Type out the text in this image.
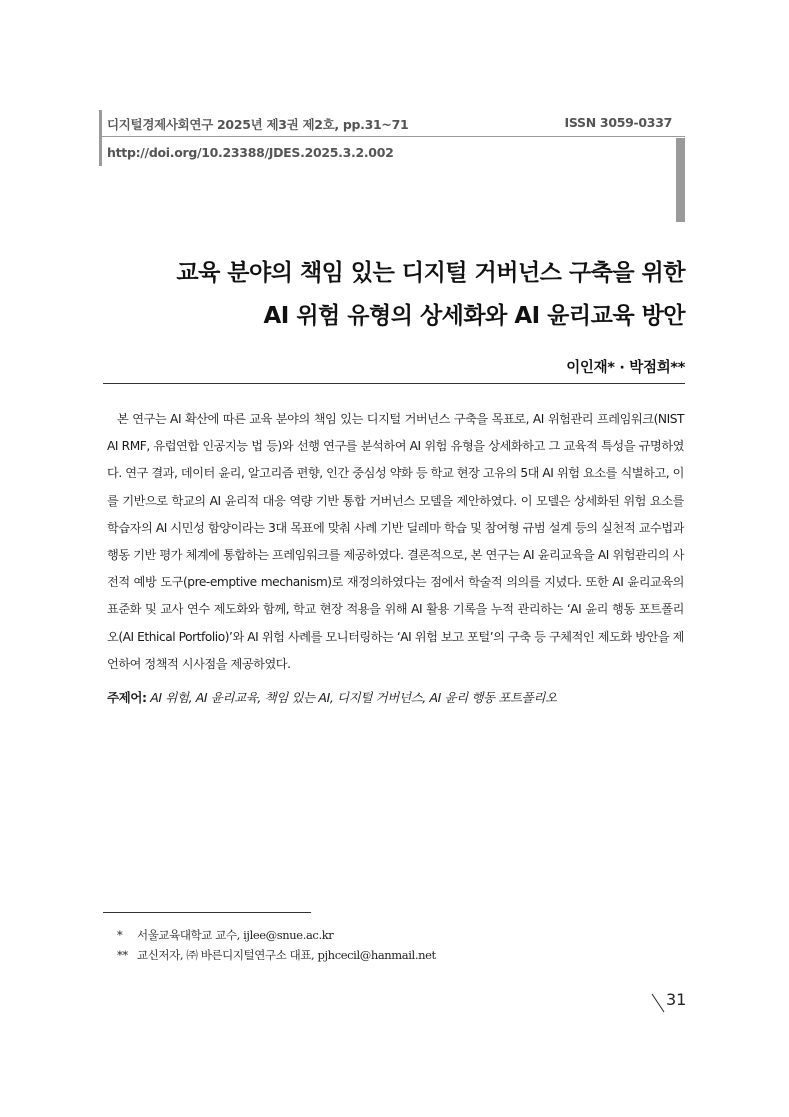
디지털경제사회연구 2025년 제3권 제2호, pp.31~71	ISSN 3059-0337
http://doi.org/10.23388/JDES.2025.3.2.002
교육 분야의 책임 있는 디지털 거버넌스 구축을 위한
AI 위험 유형의 상세화와 AI 윤리교육 방안
이인재* · 박점희**
본 연구는 AI 확산에 따른 교육 분야의 책임 있는 디지털 거버넌스 구축을 목표로, AI 위험관리 프레임워크(NIST AI RMF, 유럽연합 인공지능 법 등)와 선행 연구를 분석하여 AI 위험 유형을 상세화하고 그 교육적 특성을 규명하였다. 연구 결과, 데이터 윤리, 알고리즘 편향, 인간 중심성 약화 등 학교 현장 고유의 5대 AI 위험 요소를 식별하고, 이를 기반으로 학교의 AI 윤리적 대응 역량 기반 통합 거버넌스 모델을 제안하였다. 이 모델은 상세화된 위험 요소를 학습자의 AI 시민성 함양이라는 3대 목표에 맞춰 사례 기반 딜레마 학습 및 참여형 규범 설계 등의 실천적 교수법과 행동 기반 평가 체계에 통합하는 프레임워크를 제공하였다. 결론적으로, 본 연구는 AI 윤리교육을 AI 위험관리의 사전적 예방 도구(pre-emptive mechanism)로 재정의하였다는 점에서 학술적 의의를 지녔다. 또한 AI 윤리교육의 표준화 및 교사 연수 제도화와 함께, 학교 현장 적용을 위해 AI 활용 기록을 누적 관리하는 ‘AI 윤리 행동 포트폴리오(AI Ethical Portfolio)’와 AI 위험 사례를 모니터링하는 ‘AI 위험 보고 포털’의 구축 등 구체적인 제도화 방안을 제언하여 정책적 시사점을 제공하였다.
주제어: AI 위험, AI 윤리교육, 책임 있는 AI, 디지털 거버넌스, AI 윤리 행동 포트폴리오
* 서울교육대학교 교수, ijlee@snue.ac.kr
** 교신저자, ㈜ 바른디지털연구소 대표, pjhcecil@hanmail.net
31
